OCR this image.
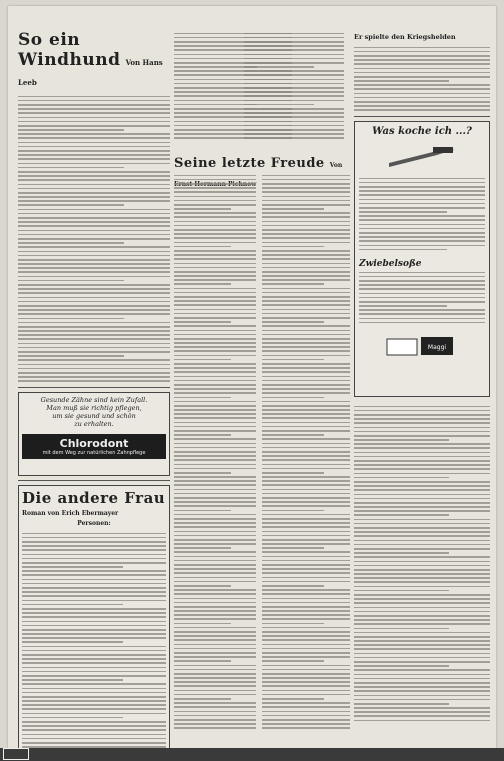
So ein Windhund Von Hans Leeb
Gesunde Zähne sind kein Zufall.
Man muß sie richtig pflegen,
um sie gesund und schön
zu erhalten.
Chlorodont
mit dem Weg zur natürlichen Zahnpflege
Die andere Frau
Roman von Erich Ebermayer
Personen:
Seine letzte Freude Von
Er spielte den Kriegshelden
Was koche ich ...?
Zwiebelsoße
Maggi
